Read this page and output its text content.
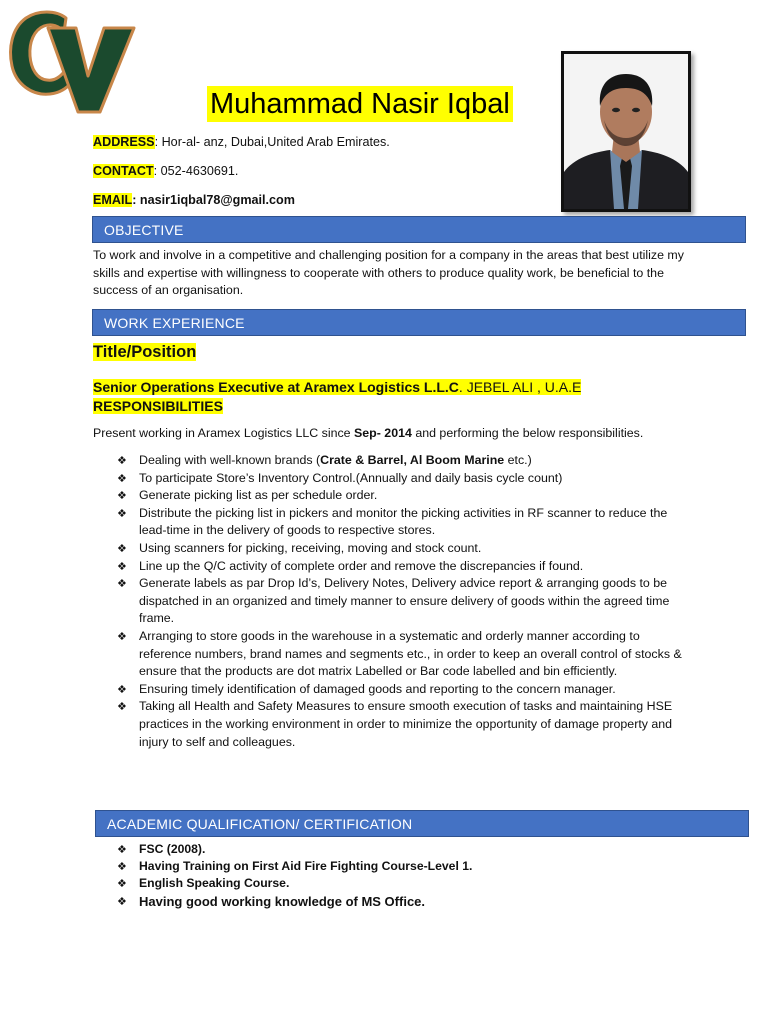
Muhammad Nasir Iqbal
ADDRESS: Hor-al- anz, Dubai,United Arab Emirates.
CONTACT: 052-4630691.
EMAIL: nasir1iqbal78@gmail.com
OBJECTIVE
To work and involve in a competitive and challenging position for a company in the areas that best utilize my skills and expertise with willingness to cooperate with others to produce quality work, be beneficial to the success of an organisation.
WORK EXPERIENCE
Title/Position
Senior Operations Executive at Aramex Logistics L.L.C. JEBEL ALI , U.A.E
RESPONSIBILITIES
Present working in Aramex Logistics LLC since Sep- 2014 and performing the below responsibilities.
❖ Dealing with well-known brands (Crate & Barrel, Al Boom Marine etc.)
❖ To participate Store’s Inventory Control.(Annually and daily basis cycle count)
❖ Generate picking list as per schedule order.
❖ Distribute the picking list in pickers and monitor the picking activities in RF scanner to reduce the lead-time in the delivery of goods to respective stores.
❖ Using scanners for picking, receiving, moving and stock count.
❖ Line up the Q/C activity of complete order and remove the discrepancies if found.
❖ Generate labels as par Drop Id’s, Delivery Notes, Delivery advice report & arranging goods to be dispatched in an organized and timely manner to ensure delivery of goods within the agreed time frame.
❖ Arranging to store goods in the warehouse in a systematic and orderly manner according to reference numbers, brand names and segments etc., in order to keep an overall control of stocks & ensure that the products are dot matrix Labelled or Bar code labelled and bin efficiently.
❖ Ensuring timely identification of damaged goods and reporting to the concern manager.
❖ Taking all Health and Safety Measures to ensure smooth execution of tasks and maintaining HSE practices in the working environment in order to minimize the opportunity of damage property and injury to self and colleagues.
ACADEMIC QUALIFICATION/ CERTIFICATION
❖ FSC (2008).
❖ Having Training on First Aid Fire Fighting Course-Level 1.
❖ English Speaking Course.
❖ Having good working knowledge of MS Office.
